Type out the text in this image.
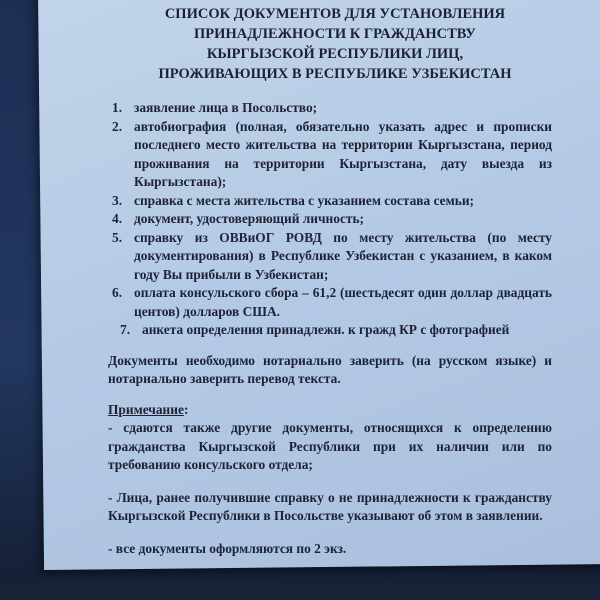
СПИСОК ДОКУМЕНТОВ ДЛЯ УСТАНОВЛЕНИЯ
ПРИНАДЛЕЖНОСТИ К ГРАЖДАНСТВУ
КЫРГЫЗСКОЙ РЕСПУБЛИКИ ЛИЦ,
ПРОЖИВАЮЩИХ В РЕСПУБЛИКЕ УЗБЕКИСТАН
1. заявление лица в Посольство;
2. автобиография (полная, обязательно указать адрес и прописки последнего место жительства на территории Кыргызстана, период проживания на территории Кыргызстана, дату выезда из Кыргызстана);
3. справка с места жительства с указанием состава семьи;
4. документ, удостоверяющий личность;
5. справку из ОВВиОГ РОВД по месту жительства (по месту документирования) в Республике Узбекистан с указанием, в каком году Вы прибыли в Узбекистан;
6. оплата консульского сбора – 61,2 (шестьдесят один доллар двадцать центов) долларов США.
7. анкета определения принадлежн. к гражд КР с фотографией
Документы необходимо нотариально заверить (на русском языке) и нотариально заверить перевод текста.
Примечание:
- сдаются также другие документы, относящихся к определению гражданства Кыргызской Республики при их наличии или по требованию консульского отдела;
- Лица, ранее получившие справку о не принадлежности к гражданству Кыргызской Республики в Посольстве указывают об этом в заявлении.
- все документы оформляются по 2 экз.
